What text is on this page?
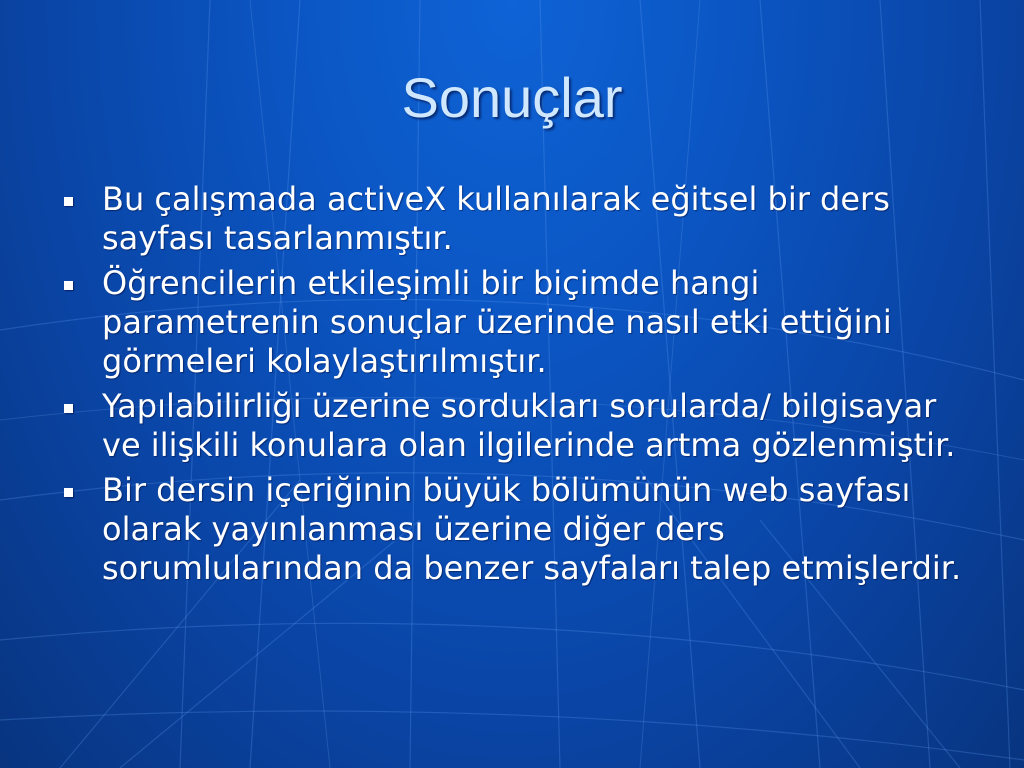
Sonuçlar
Bu çalışmada activeX kullanılarak eğitsel bir ders sayfası tasarlanmıştır.
Öğrencilerin etkileşimli bir biçimde hangi parametrenin sonuçlar üzerinde nasıl etki ettiğini görmeleri kolaylaştırılmıştır.
Yapılabilirliği üzerine sordukları sorularda/ bilgisayar ve ilişkili konulara olan ilgilerinde artma gözlenmiştir.
Bir dersin içeriğinin büyük bölümünün web sayfası olarak yayınlanması üzerine diğer ders sorumlularından da benzer sayfaları talep etmişlerdir.
